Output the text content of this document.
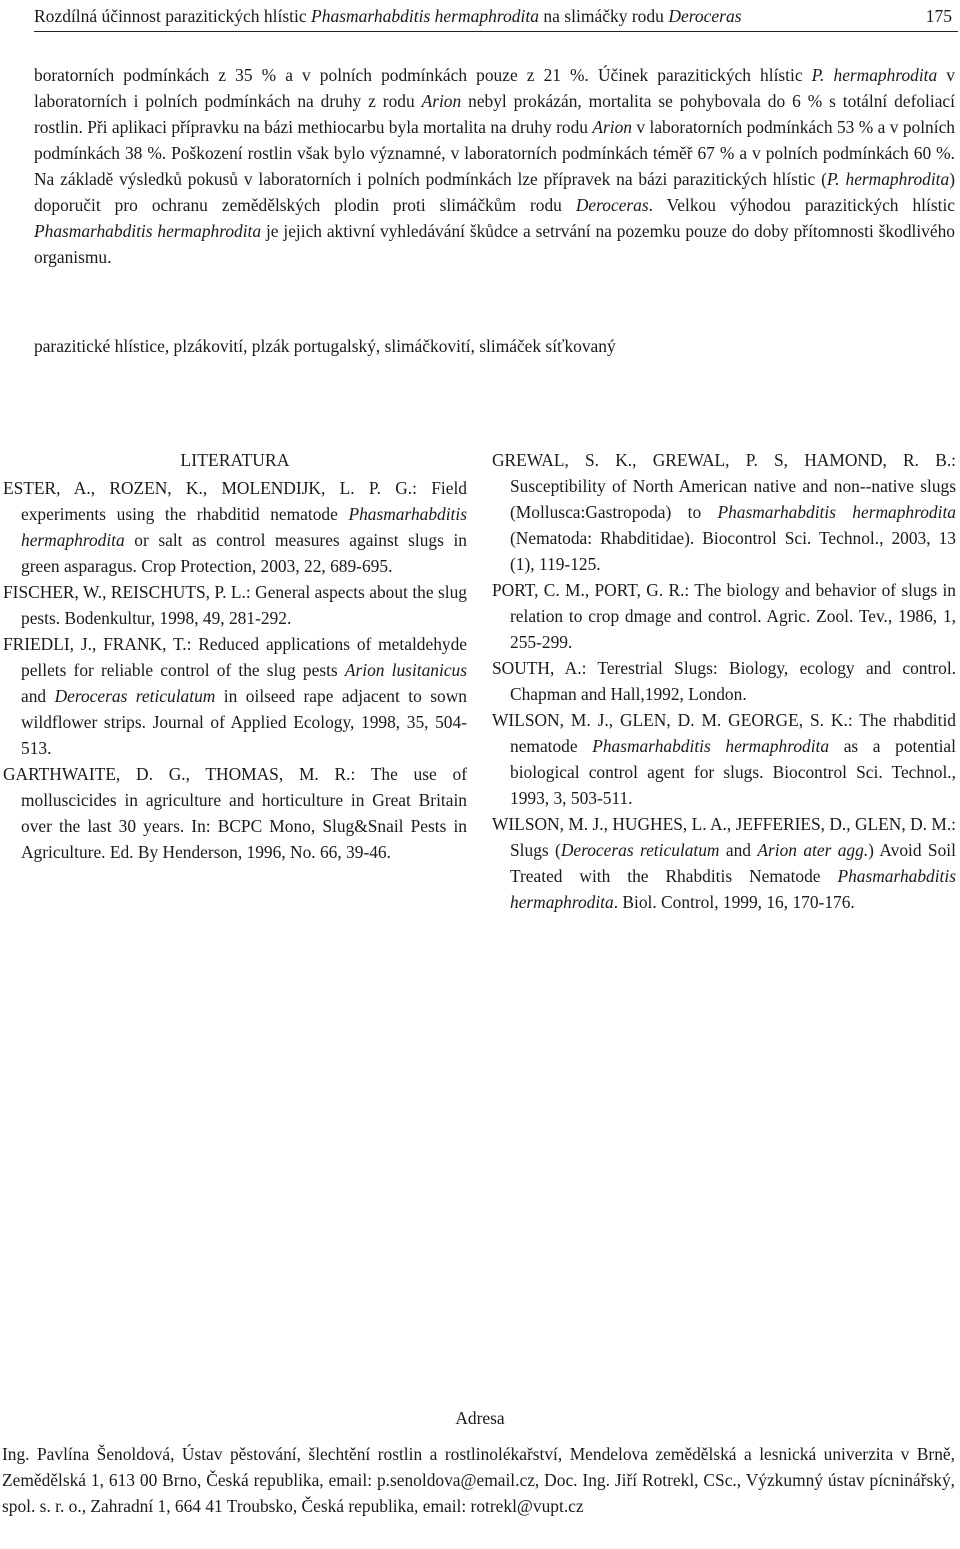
Rozdílná účinnost parazitických hlístic Phasmarhabditis hermaphrodita na slimáčky rodu Deroceras	175

boratorních podmínkách z 35 % a v polních podmínkách pouze z 21 %. Účinek parazitických hlístic P. hermaphrodita v laboratorních i polních podmínkách na druhy z rodu Arion nebyl prokázán, mortalita se pohybovala do 6 % s totální defoliací rostlin. Při aplikaci přípravku na bázi methiocarbu byla mortalita na druhy rodu Arion v laboratorních podmínkách 53 % a v polních podmínkách 38 %. Poškození rostlin však bylo významné, v laboratorních podmínkách téměř 67 % a v polních podmínkách 60 %. Na základě výsledků pokusů v laboratorních i polních podmínkách lze přípravek na bázi parazitických hlístic (P. hermaphrodita) doporučit pro ochranu zemědělských plodin proti slimáčkům rodu Deroceras. Velkou výhodou parazitických hlístic Phasmarhabditis hermaphrodita je jejich aktivní vyhledávání škůdce a setrvání na pozemku pouze do doby přítomnosti škodlivého organismu.

parazitické hlístice, plzákovití, plzák portugalský, slimáčkovití, slimáček síťkovaný
LITERATURA

ESTER, A., ROZEN, K., MOLENDIJK, L. P. G.: Field experiments using the rhabditid nematode Phasmarhabditis hermaphrodita or salt as control measures against slugs in green asparagus. Crop Protection, 2003, 22, 689-695.

FISCHER, W., REISCHUTS, P. L.: General aspects about the slug pests. Bodenkultur, 1998, 49, 281-292.

FRIEDLI, J., FRANK, T.: Reduced applications of metaldehyde pellets for reliable control of the slug pests Arion lusitanicus and Deroceras reticulatum in oilseed rape adjacent to sown wildflower strips. Journal of Applied Ecology, 1998, 35, 504-513.

GARTHWAITE, D. G., THOMAS, M. R.: The use of molluscicides in agriculture and horticulture in Great Britain over the last 30 years. In: BCPC Mono, Slug&Snail Pests in Agriculture. Ed. By Henderson, 1996, No. 66, 39-46.

GREWAL, S. K., GREWAL, P. S, HAMOND, R. B.: Susceptibility of North American native and non--native slugs (Mollusca:Gastropoda) to Phasmarhabditis hermaphrodita (Nematoda: Rhabditidae). Biocontrol Sci. Technol., 2003, 13 (1), 119-125.

PORT, C. M., PORT, G. R.: The biology and behavior of slugs in relation to crop dmage and control. Agric. Zool. Tev., 1986, 1, 255-299.

SOUTH, A.: Terestrial Slugs: Biology, ecology and control. Chapman and Hall,1992, London.

WILSON, M. J., GLEN, D. M. GEORGE, S. K.: The rhabditid nematode Phasmarhabditis hermaphrodita as a potential biological control agent for slugs. Biocontrol Sci. Technol., 1993, 3, 503-511.

WILSON, M. J., HUGHES, L. A., JEFFERIES, D., GLEN, D. M.: Slugs (Deroceras reticulatum and Arion ater agg.) Avoid Soil Treated with the Rhabditis Nematode Phasmarhabditis hermaphrodita. Biol. Control, 1999, 16, 170-176.

Adresa

Ing. Pavlína Šenoldová, Ústav pěstování, šlechtění rostlin a rostlinolékařství, Mendelova zemědělská a lesnická univerzita v Brně, Zemědělská 1, 613 00 Brno, Česká republika, email: p.senoldova@email.cz, Doc. Ing. Jiří Rotrekl, CSc., Výzkumný ústav pícninářský, spol. s. r. o., Zahradní 1, 664 41 Troubsko, Česká republika, email: rotrekl@vupt.cz
